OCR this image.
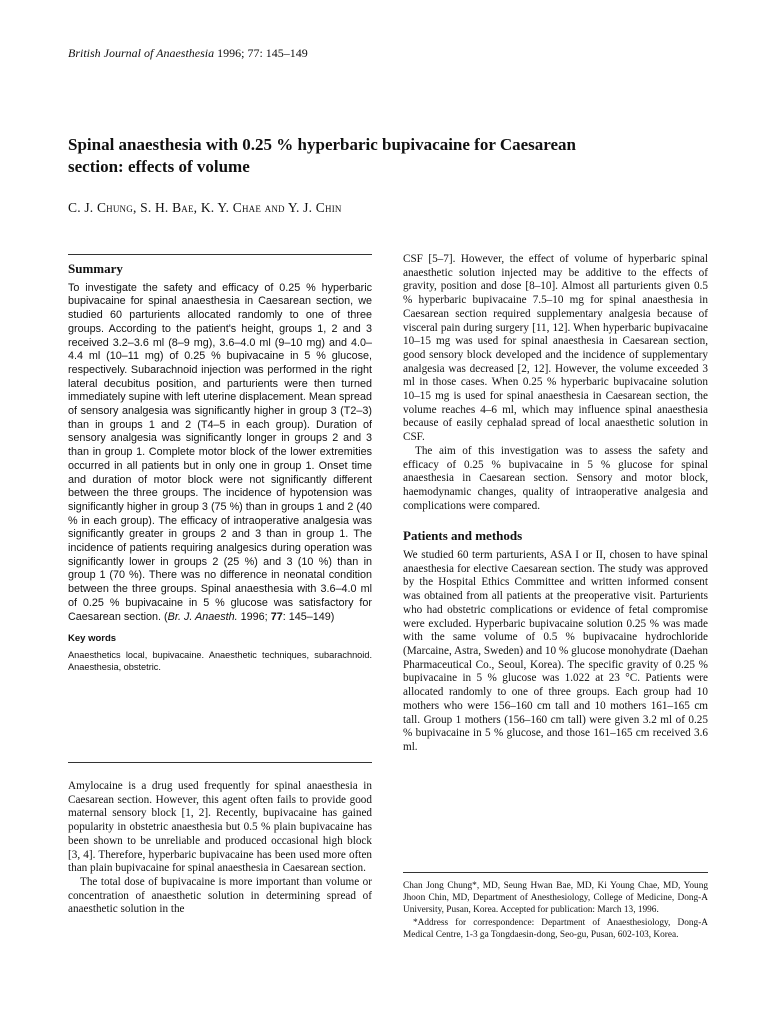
British Journal of Anaesthesia 1996; 77: 145–149
Spinal anaesthesia with 0.25 % hyperbaric bupivacaine for Caesarean section: effects of volume
C. J. Chung, S. H. Bae, K. Y. Chae and Y. J. Chin

Summary

To investigate the safety and efficacy of 0.25 % hyperbaric bupivacaine for spinal anaesthesia in Caesarean section, we studied 60 parturients allocated randomly to one of three groups. According to the patient's height, groups 1, 2 and 3 received 3.2–3.6 ml (8–9 mg), 3.6–4.0 ml (9–10 mg) and 4.0–4.4 ml (10–11 mg) of 0.25 % bupivacaine in 5 % glucose, respectively. Subarachnoid injection was performed in the right lateral decubitus position, and parturients were then turned immediately supine with left uterine displacement. Mean spread of sensory analgesia was significantly higher in group 3 (T2–3) than in groups 1 and 2 (T4–5 in each group). Duration of sensory analgesia was significantly longer in groups 2 and 3 than in group 1. Complete motor block of the lower extremities occurred in all patients but in only one in group 1. Onset time and duration of motor block were not significantly different between the three groups. The incidence of hypotension was significantly higher in group 3 (75 %) than in groups 1 and 2 (40 % in each group). The efficacy of intraoperative analgesia was significantly greater in groups 2 and 3 than in group 1. The incidence of patients requiring analgesics during operation was significantly lower in groups 2 (25 %) and 3 (10 %) than in group 1 (70 %). There was no difference in neonatal condition between the three groups. Spinal anaesthesia with 3.6–4.0 ml of 0.25 % bupivacaine in 5 % glucose was satisfactory for Caesarean section. (Br. J. Anaesth. 1996; 77: 145–149)

Key words

Anaesthetics local, bupivacaine. Anaesthetic techniques, subarachnoid. Anaesthesia, obstetric.

Amylocaine is a drug used frequently for spinal anaesthesia in Caesarean section. However, this agent often fails to provide good maternal sensory block [1, 2]. Recently, bupivacaine has gained popularity in obstetric anaesthesia but 0.5 % plain bupivacaine has been shown to be unreliable and produced occasional high block [3, 4]. Therefore, hyperbaric bupivacaine has been used more often than plain bupivacaine for spinal anaesthesia in Caesarean section.

The total dose of bupivacaine is more important than volume or concentration of anaesthetic solution in determining spread of anaesthetic solution in the

CSF [5–7]. However, the effect of volume of hyperbaric spinal anaesthetic solution injected may be additive to the effects of gravity, position and dose [8–10]. Almost all parturients given 0.5 % hyperbaric bupivacaine 7.5–10 mg for spinal anaesthesia in Caesarean section required supplementary analgesia because of visceral pain during surgery [11, 12]. When hyperbaric bupivacaine 10–15 mg was used for spinal anaesthesia in Caesarean section, good sensory block developed and the incidence of supplementary analgesia was decreased [2, 12]. However, the volume exceeded 3 ml in those cases. When 0.25 % hyperbaric bupivacaine solution 10–15 mg is used for spinal anaesthesia in Caesarean section, the volume reaches 4–6 ml, which may influence spinal anaesthesia because of easily cephalad spread of local anaesthetic solution in CSF.

The aim of this investigation was to assess the safety and efficacy of 0.25 % bupivacaine in 5 % glucose for spinal anaesthesia in Caesarean section. Sensory and motor block, haemodynamic changes, quality of intraoperative analgesia and complications were compared.

Patients and methods

We studied 60 term parturients, ASA I or II, chosen to have spinal anaesthesia for elective Caesarean section. The study was approved by the Hospital Ethics Committee and written informed consent was obtained from all patients at the preoperative visit. Parturients who had obstetric complications or evidence of fetal compromise were excluded. Hyperbaric bupivacaine solution 0.25 % was made with the same volume of 0.5 % bupivacaine hydrochloride (Marcaine, Astra, Sweden) and 10 % glucose monohydrate (Daehan Pharmaceutical Co., Seoul, Korea). The specific gravity of 0.25 % bupivacaine in 5 % glucose was 1.022 at 23 °C. Patients were allocated randomly to one of three groups. Each group had 10 mothers who were 156–160 cm tall and 10 mothers 161–165 cm tall. Group 1 mothers (156–160 cm tall) were given 3.2 ml of 0.25 % bupivacaine in 5 % glucose, and those 161–165 cm received 3.6 ml.

Chan Jong Chung*, MD, Seung Hwan Bae, MD, Ki Young Chae, MD, Young Jhoon Chin, MD, Department of Anesthesiology, College of Medicine, Dong-A University, Pusan, Korea. Accepted for publication: March 13, 1996.

*Address for correspondence: Department of Anaesthesiology, Dong-A Medical Centre, 1-3 ga Tongdaesin-dong, Seo-gu, Pusan, 602-103, Korea.
